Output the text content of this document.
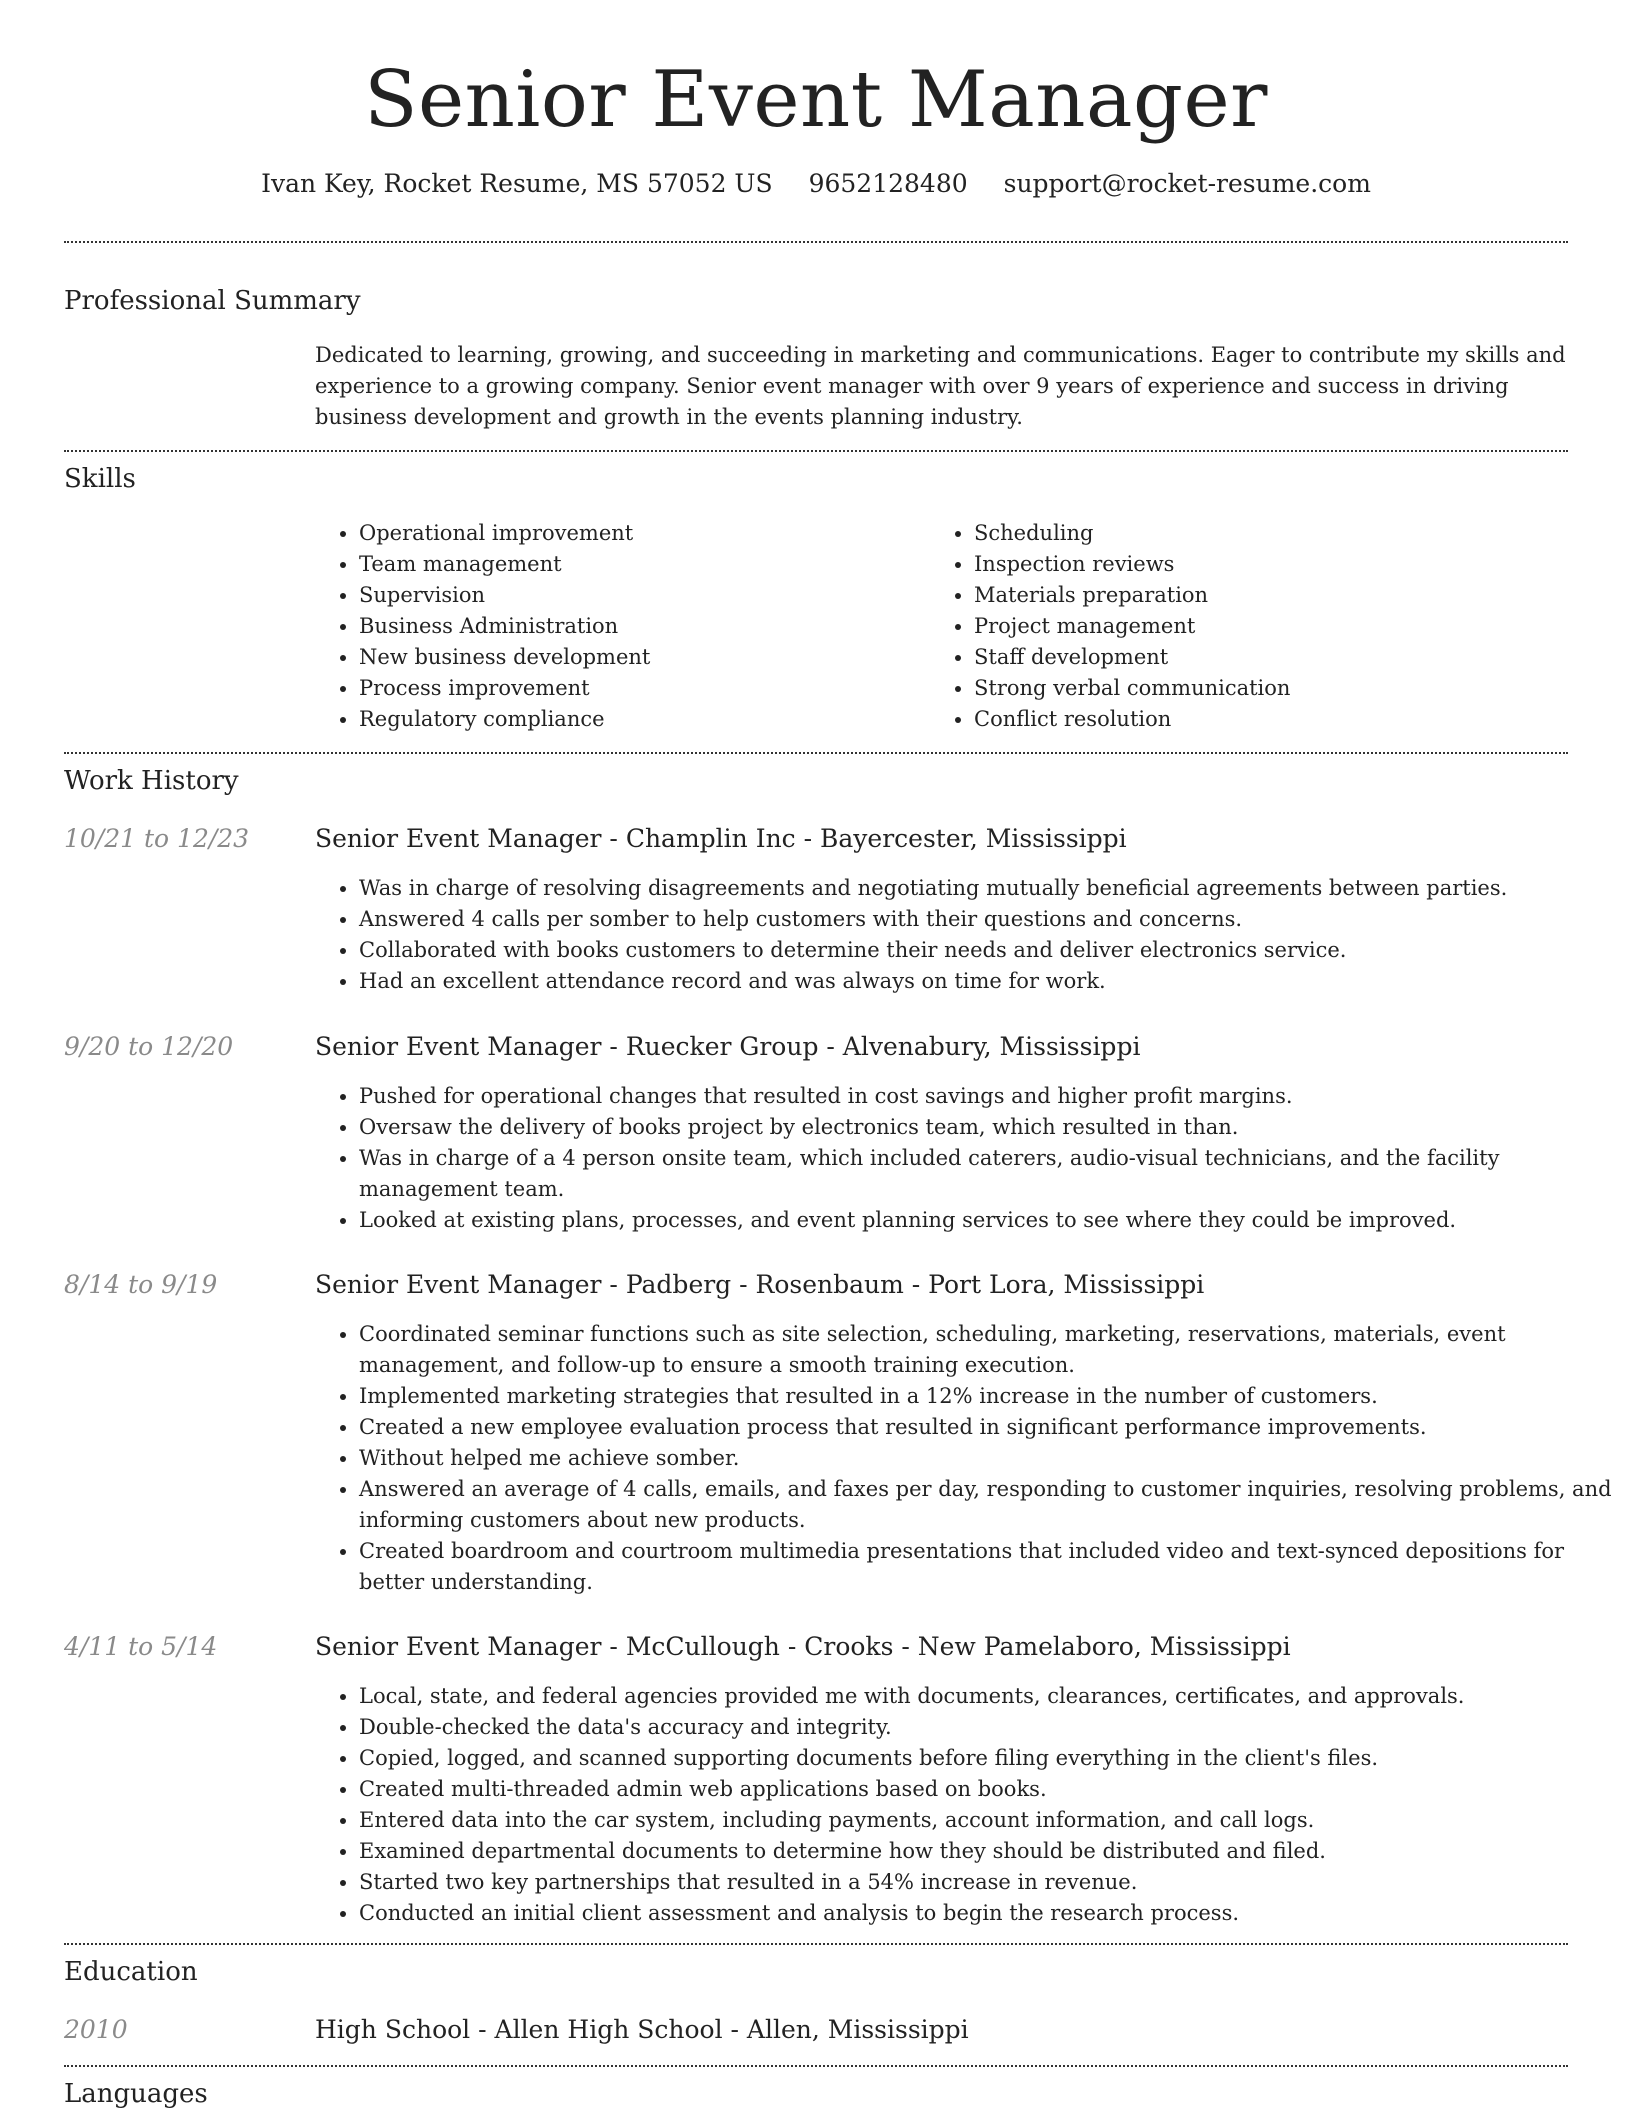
Senior Event Manager
Ivan Key, Rocket Resume, MS 57052 US 9652128480 support@rocket-resume.com
Professional Summary
Dedicated to learning, growing, and succeeding in marketing and communications. Eager to contribute my skills and experience to a growing company. Senior event manager with over 9 years of experience and success in driving business development and growth in the events planning industry.
Skills
• Operational improvement
• Team management
• Supervision
• Business Administration
• New business development
• Process improvement
• Regulatory compliance
• Scheduling
• Inspection reviews
• Materials preparation
• Project management
• Staff development
• Strong verbal communication
• Conflict resolution
Work History
10/21 to 12/23	Senior Event Manager - Champlin Inc - Bayercester, Mississippi
• Was in charge of resolving disagreements and negotiating mutually beneficial agreements between parties.
• Answered 4 calls per somber to help customers with their questions and concerns.
• Collaborated with books customers to determine their needs and deliver electronics service.
• Had an excellent attendance record and was always on time for work.
9/20 to 12/20	Senior Event Manager - Ruecker Group - Alvenabury, Mississippi
• Pushed for operational changes that resulted in cost savings and higher profit margins.
• Oversaw the delivery of books project by electronics team, which resulted in than.
• Was in charge of a 4 person onsite team, which included caterers, audio-visual technicians, and the facility management team.
• Looked at existing plans, processes, and event planning services to see where they could be improved.
8/14 to 9/19	Senior Event Manager - Padberg - Rosenbaum - Port Lora, Mississippi
• Coordinated seminar functions such as site selection, scheduling, marketing, reservations, materials, event management, and follow-up to ensure a smooth training execution.
• Implemented marketing strategies that resulted in a 12% increase in the number of customers.
• Created a new employee evaluation process that resulted in significant performance improvements.
• Without helped me achieve somber.
• Answered an average of 4 calls, emails, and faxes per day, responding to customer inquiries, resolving problems, and informing customers about new products.
• Created boardroom and courtroom multimedia presentations that included video and text-synced depositions for better understanding.
4/11 to 5/14	Senior Event Manager - McCullough - Crooks - New Pamelaboro, Mississippi
• Local, state, and federal agencies provided me with documents, clearances, certificates, and approvals.
• Double-checked the data's accuracy and integrity.
• Copied, logged, and scanned supporting documents before filing everything in the client's files.
• Created multi-threaded admin web applications based on books.
• Entered data into the car system, including payments, account information, and call logs.
• Examined departmental documents to determine how they should be distributed and filed.
• Started two key partnerships that resulted in a 54% increase in revenue.
• Conducted an initial client assessment and analysis to begin the research process.
Education
2010	High School - Allen High School - Allen, Mississippi
Languages
